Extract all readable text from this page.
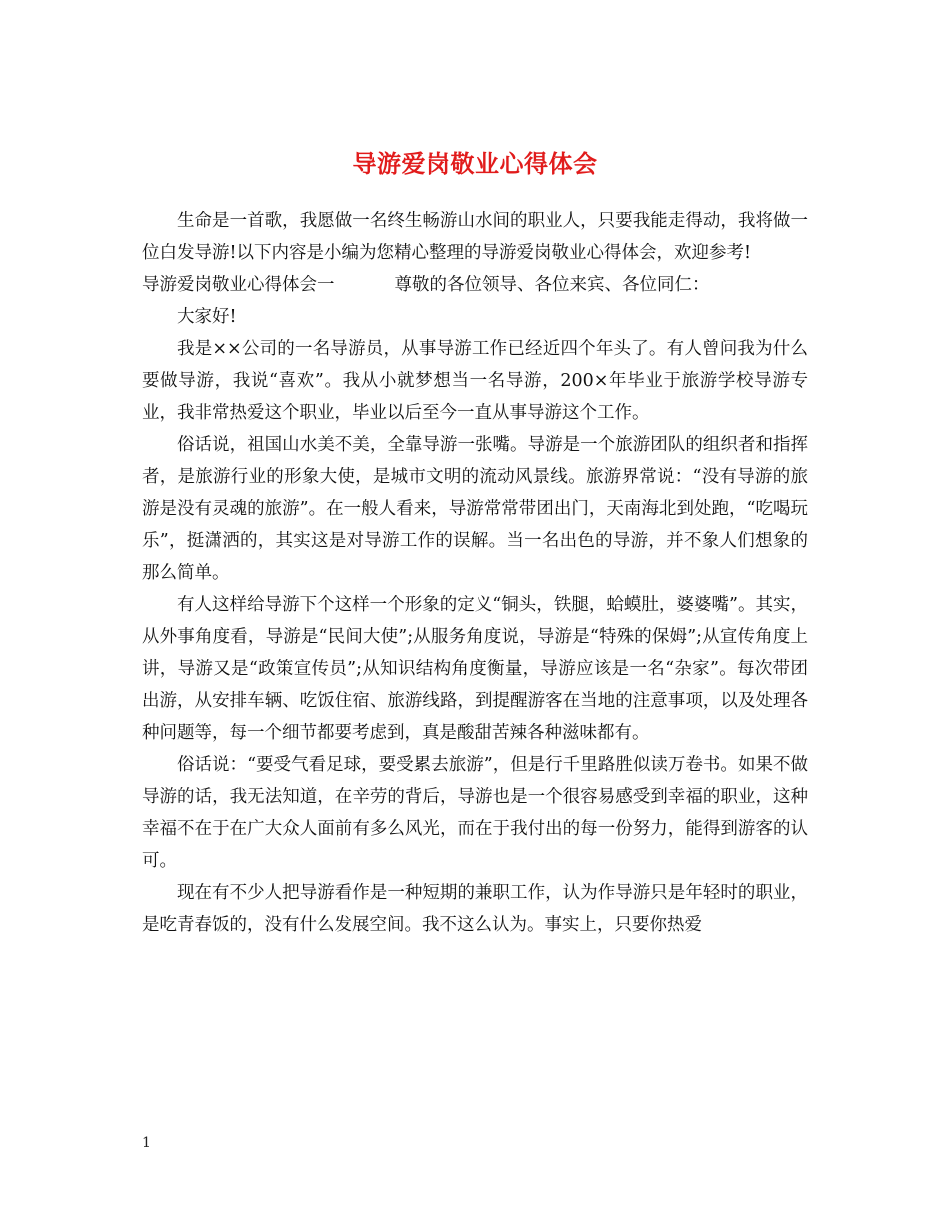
导游爱岗敬业心得体会

生命是一首歌，我愿做一名终生畅游山水间的职业人，只要我能走得动，我将做一位白发导游!以下内容是小编为您精心整理的导游爱岗敬业心得体会，欢迎参考!

导游爱岗敬业心得体会一	尊敬的各位领导、各位来宾、各位同仁：

大家好!

我是××公司的一名导游员，从事导游工作已经近四个年头了。有人曾问我为什么要做导游，我说“喜欢”。我从小就梦想当一名导游，200×年毕业于旅游学校导游专业，我非常热爱这个职业，毕业以后至今一直从事导游这个工作。

俗话说，祖国山水美不美，全靠导游一张嘴。导游是一个旅游团队的组织者和指挥者，是旅游行业的形象大使，是城市文明的流动风景线。旅游界常说：“没有导游的旅游是没有灵魂的旅游”。在一般人看来，导游常常带团出门，天南海北到处跑，“吃喝玩乐”，挺潇洒的，其实这是对导游工作的误解。当一名出色的导游，并不象人们想象的那么简单。

有人这样给导游下个这样一个形象的定义“铜头，铁腿，蛤蟆肚，婆婆嘴”。其实，从外事角度看，导游是“民间大使”;从服务角度说，导游是“特殊的保姆”;从宣传角度上讲，导游又是“政策宣传员”;从知识结构角度衡量，导游应该是一名“杂家”。每次带团出游，从安排车辆、吃饭住宿、旅游线路，到提醒游客在当地的注意事项，以及处理各种问题等，每一个细节都要考虑到，真是酸甜苦辣各种滋味都有。

俗话说：“要受气看足球，要受累去旅游”，但是行千里路胜似读万卷书。如果不做导游的话，我无法知道，在辛劳的背后，导游也是一个很容易感受到幸福的职业，这种幸福不在于在广大众人面前有多么风光，而在于我付出的每一份努力，能得到游客的认可。

现在有不少人把导游看作是一种短期的兼职工作，认为作导游只是年轻时的职业，是吃青春饭的，没有什么发展空间。我不这么认为。事实上，只要你热爱

1
